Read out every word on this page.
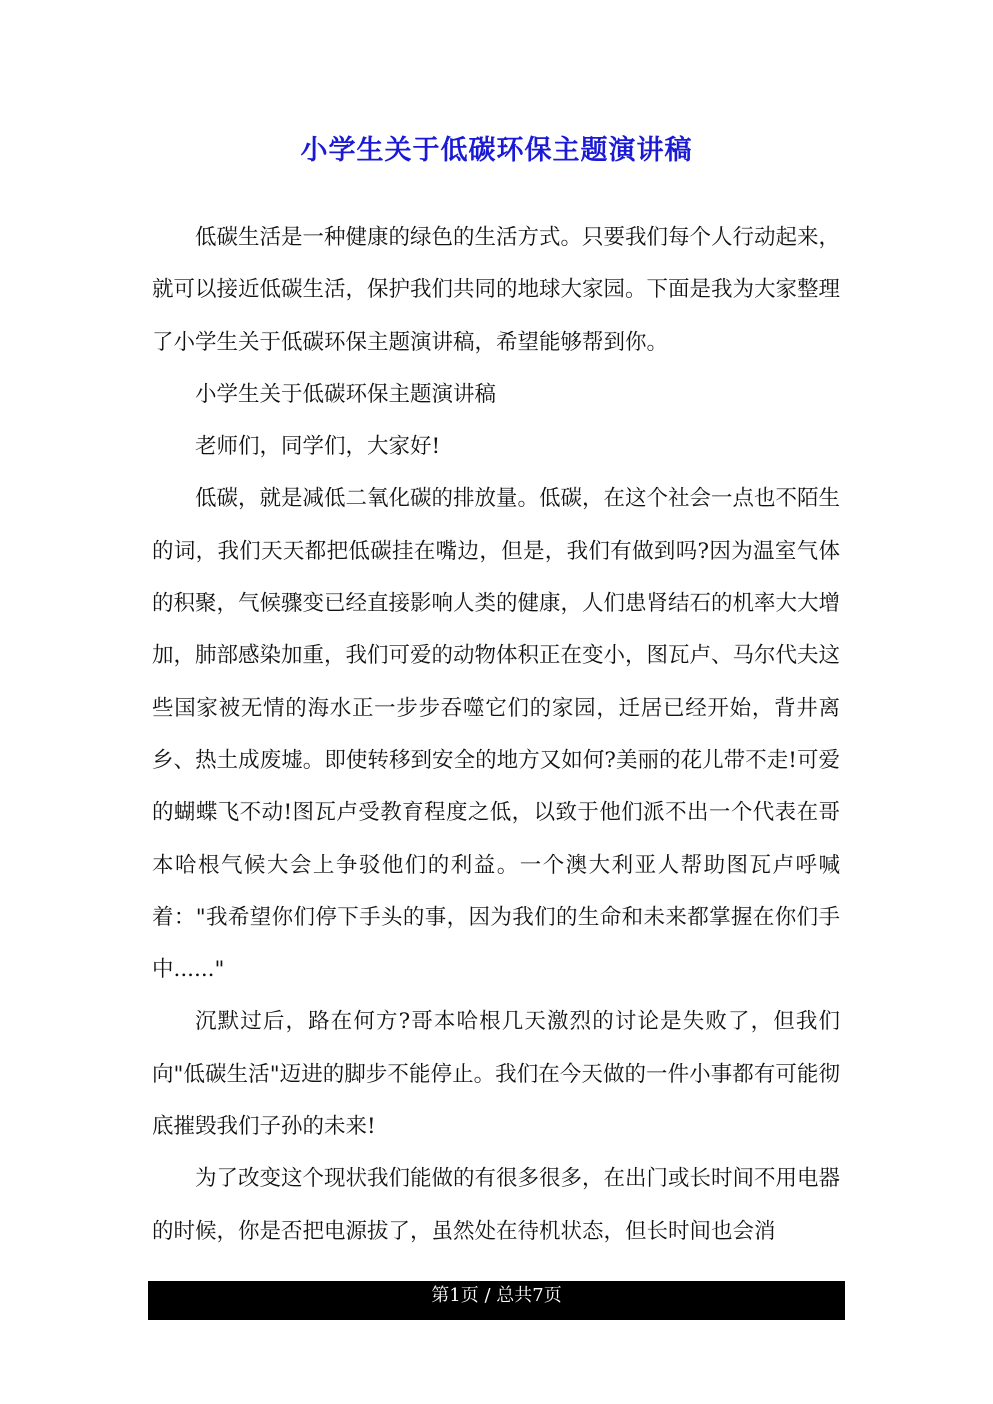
小学生关于低碳环保主题演讲稿

低碳生活是一种健康的绿色的生活方式。只要我们每个人行动起来，就可以接近低碳生活，保护我们共同的地球大家园。下面是我为大家整理了小学生关于低碳环保主题演讲稿，希望能够帮到你。

小学生关于低碳环保主题演讲稿

老师们，同学们，大家好!

低碳，就是减低二氧化碳的排放量。低碳，在这个社会一点也不陌生的词，我们天天都把低碳挂在嘴边，但是，我们有做到吗?因为温室气体的积聚，气候骤变已经直接影响人类的健康，人们患肾结石的机率大大增加，肺部感染加重，我们可爱的动物体积正在变小，图瓦卢、马尔代夫这些国家被无情的海水正一步步吞噬它们的家园，迁居已经开始，背井离乡、热土成废墟。即使转移到安全的地方又如何?美丽的花儿带不走!可爱的蝴蝶飞不动!图瓦卢受教育程度之低，以致于他们派不出一个代表在哥本哈根气候大会上争驳他们的利益。一个澳大利亚人帮助图瓦卢呼喊着："我希望你们停下手头的事，因为我们的生命和未来都掌握在你们手中......"

沉默过后，路在何方?哥本哈根几天激烈的讨论是失败了，但我们向"低碳生活"迈进的脚步不能停止。我们在今天做的一件小事都有可能彻底摧毁我们子孙的未来!

为了改变这个现状我们能做的有很多很多，在出门或长时间不用电器的时候，你是否把电源拔了，虽然处在待机状态，但长时间也会消

第1页 / 总共7页
